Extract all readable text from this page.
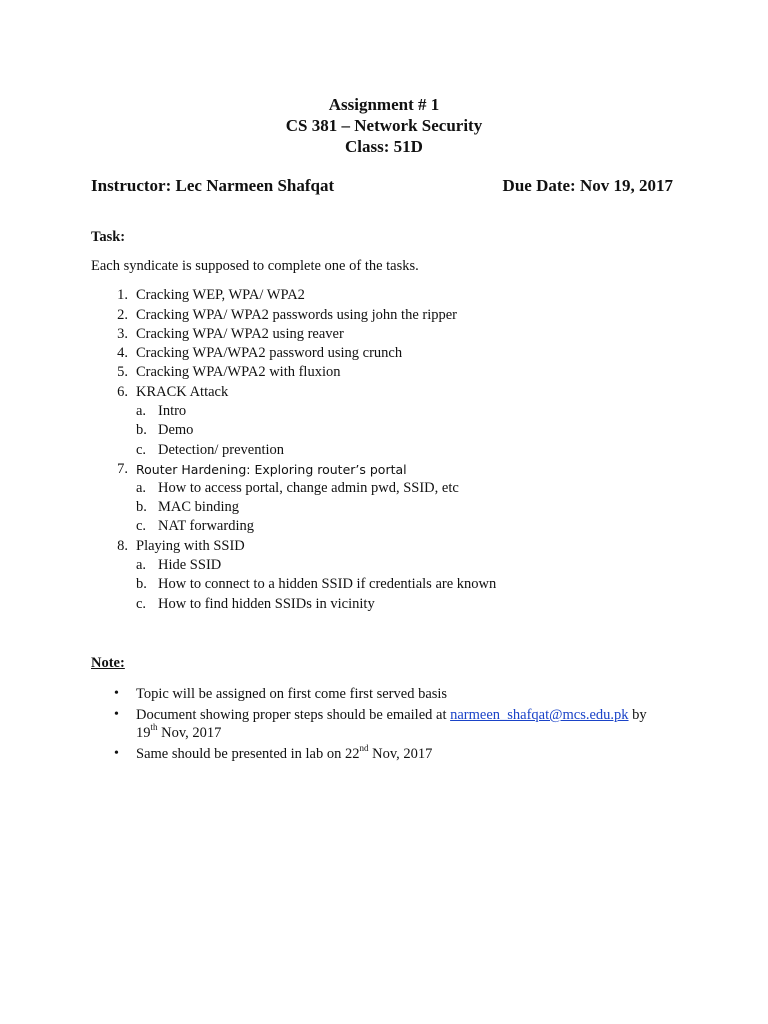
Assignment # 1
CS 381 – Network Security
Class: 51D
Instructor: Lec Narmeen Shafqat	Due Date: Nov 19, 2017
Task:
Each syndicate is supposed to complete one of the tasks.
1. Cracking WEP, WPA/ WPA2
2. Cracking WPA/ WPA2 passwords using john the ripper
3. Cracking WPA/ WPA2 using reaver
4. Cracking WPA/WPA2 password using crunch
5. Cracking WPA/WPA2 with fluxion
6. KRACK Attack
a. Intro
b. Demo
c. Detection/ prevention
7. Router Hardening: Exploring router’s portal
a. How to access portal, change admin pwd, SSID, etc
b. MAC binding
c. NAT forwarding
8. Playing with SSID
a. Hide SSID
b. How to connect to a hidden SSID if credentials are known
c. How to find hidden SSIDs in vicinity
Note:
• Topic will be assigned on first come first served basis
• Document showing proper steps should be emailed at narmeen_shafqat@mcs.edu.pk by
19th Nov, 2017
• Same should be presented in lab on 22nd Nov, 2017
